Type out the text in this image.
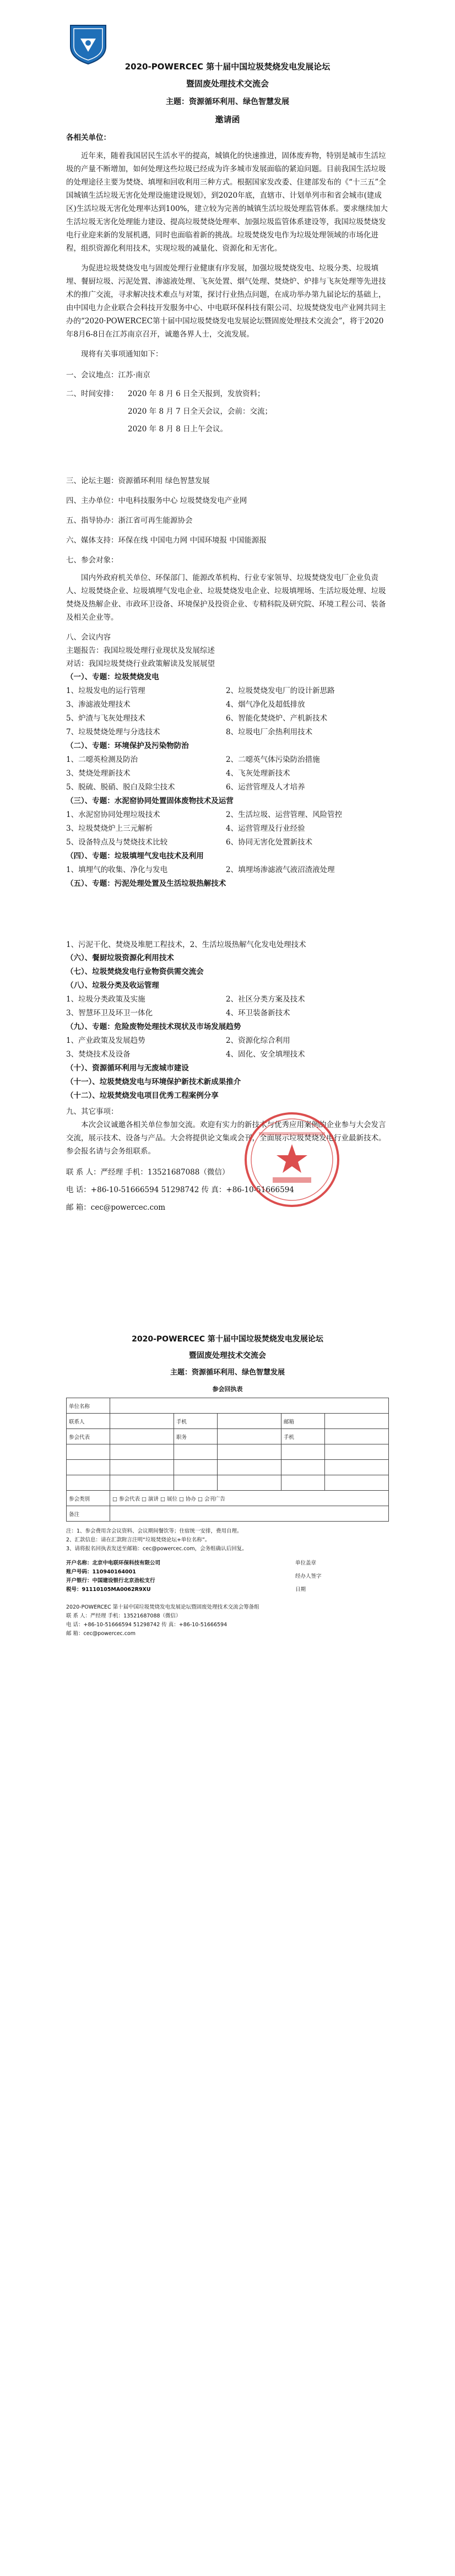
2020-POWERCEC 第十届中国垃圾焚烧发电发展论坛

暨固废处理技术交流会

主题：资源循环利用、绿色智慧发展

邀请函

各相关单位：

近年来，随着我国居民生活水平的提高，城镇化的快速推进，固体废弃物，特别是城市生活垃圾的产量不断增加，如何处理这些垃圾已经成为许多城市发展面临的紧迫问题。目前我国生活垃圾的处理途径主要为焚烧、填埋和回收利用三种方式。根据国家发改委、住建部发布的《“十三五”全国城镇生活垃圾无害化处理设施建设规划》，到2020年底，直辖市、计划单列市和省会城市(建成区)生活垃圾无害化处理率达到100%，建立较为完善的城镇生活垃圾处理监管体系。要求继续加大生活垃圾无害化处理能力建设、提高垃圾焚烧处理率、加强垃圾监管体系建设等，我国垃圾焚烧发电行业迎来新的发展机遇，同时也面临着新的挑战。垃圾焚烧发电作为垃圾处理领域的市场化进程，组织资源化利用技术，实现垃圾的减量化、资源化和无害化。

为促进垃圾焚烧发电与固废处理行业健康有序发展，加强垃圾焚烧发电、垃圾分类、垃圾填埋、餐厨垃圾、污泥处置、渗滤液处理、飞灰处置、烟气处理、焚烧炉、炉排与飞灰处理等先进技术的推广交流，寻求解决技术难点与对策，探讨行业热点问题，在成功举办第九届论坛的基础上，由中国电力企业联合会科技开发服务中心、中电联环保科技有限公司、垃圾焚烧发电产业网共同主办的“2020·POWERCEC第十届中国垃圾焚烧发电发展论坛暨固废处理技术交流会”，将于2020年8月6-8日在江苏南京召开，诚邀各界人士，交流发展。

现将有关事项通知如下：

一、会议地点：江苏·南京

二、时间安排：	2020 年 8 月 6 日全天报到，发放资料；

2020 年 8 月 7 日全天会议，会前：交流；

2020 年 8 月 8 日上午会议。

三、论坛主题：资源循环利用 绿色智慧发展

四、主办单位：中电科技服务中心 垃圾焚烧发电产业网

五、指导协办：浙江省可再生能源协会

六、媒体支持：环保在线 中国电力网 中国环境报 中国能源报

七、参会对象：

国内外政府机关单位、环保部门、能源改革机构、行业专家领导、垃圾焚烧发电厂企业负责人、垃圾焚烧企业、垃圾填埋气发电企业、垃圾焚烧发电企业、垃圾填埋场、生活垃圾处理、垃圾焚烧及热解企业、市政环卫设备、环境保护及投资企业、专精科院及研究院、环境工程公司、装备及相关企业等。

八、会议内容

主题报告：我国垃圾处理行业现状及发展综述

对话：我国垃圾焚烧行业政策解读及发展展望

（一）、专题：垃圾焚烧发电

1、垃圾发电的运行管理	2、垃圾焚烧发电厂的设计新思路
3、渗滤液处理技术	4、烟气净化及超低排放
5、炉渣与飞灰处理技术	6、智能化焚烧炉、产机新技术
7、垃圾焚烧处理与分选技术	8、垃圾电厂余热利用技术

（二）、专题：环境保护及污染物防治

1、二噁英检测及防治	2、二噁英气体污染防治措施
3、焚烧处理新技术	4、飞灰处理新技术
5、脱硫、脱硝、脱白及除尘技术	6、运营管理及人才培养

（三）、专题：水泥窑协同处置固体废物技术及运营

1、水泥窑协同处理垃圾技术	2、生活垃圾、运营管理、风险管控
3、垃圾焚烧炉上三元解析	4、运营管理及行业经验
5、设备特点及与焚烧技术比较	6、协同无害化处置新技术

（四）、专题：垃圾填埋气发电技术及利用

1、填埋气的收集、净化与发电	2、填埋场渗滤液气液沼渣液处理

（五）、专题：污泥处理处置及生活垃圾热解技术

1、污泥干化、焚烧及堆肥工程技术，2、生活垃圾热解气化发电处理技术

（六）、餐厨垃圾资源化利用技术

（七）、垃圾焚烧发电行业物资供需交流会

（八）、垃圾分类及收运管理

1、垃圾分类政策及实施	2、社区分类方案及技术
3、智慧环卫及环卫一体化	4、环卫装备新技术

（九）、专题：危险废物处理技术现状及市场发展趋势

1、产业政策及发展趋势	2、资源化综合利用
3、焚烧技术及设备	4、固化、安全填埋技术

（十）、资源循环利用与无废城市建设

（十一）、垃圾焚烧发电与环境保护新技术新成果推介

（十二）、垃圾焚烧发电项目优秀工程案例分享

九、其它事项：

本次会议诚邀各相关单位参加交流。欢迎有实力的新技术与优秀应用案例的企业参与大会发言交流，展示技术、设备与产品。大会将提供论文集或会刊，全面展示垃圾焚烧发电行业最新技术。参会报名请与会务组联系。

联 系 人：严经理 手机：13521687088（微信）

电 话：+86-10-51666594 51298742 传 真：+86-10-51666594

邮 箱：cec@powercec.com

2020-POWERCEC 第十届中国垃圾焚烧发电发展论坛

暨固废处理技术交流会

主题：资源循环利用、绿色智慧发展

参会回执表

单位名称					
联系人		手机		邮箱	
参会代表		职务		手机	

参会类别	□ 参会代表 □ 演讲 □ 展位 □ 协办 □ 会刊广告				
备注					

注：1、参会费用含会议资料、会议期间餐饮等；住宿统一安排，费用自理。

2、汇款信息：请在汇款附言注明“垃圾焚烧论坛+单位名称”。

3、请将报名回执表发送至邮箱：cec@powercec.com，会务组确认后回复。

开户名称：北京中电联环保科技有限公司

账户号码：110940164001

开户银行：中国建设银行北京劲松支行

税号：91110105MA0062R9XU

单位盖章

经办人签字

日期

2020-POWERCEC 第十届中国垃圾焚烧发电发展论坛暨固废处理技术交流会筹备组

联 系 人：严经理 手机：13521687088（微信）

电 话：+86-10-51666594 51298742 传 真：+86-10-51666594

邮 箱：cec@powercec.com
